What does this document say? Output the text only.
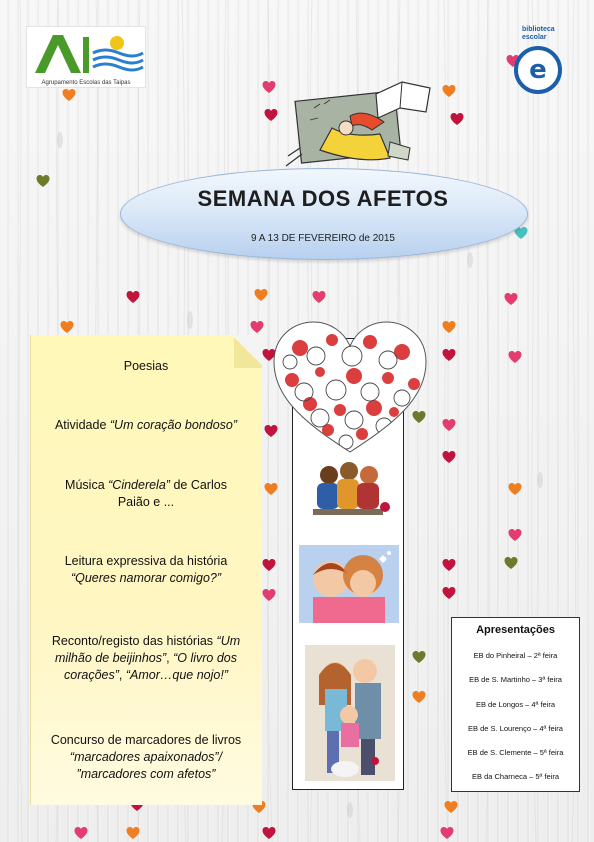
Agrupamento Escolas das Taipas
biblioteca
escolar
e
SEMANA DOS AFETOS
9 A 13 DE FEVEREIRO de 2015
Poesias
Atividade “Um coração bondoso”
Música “Cinderela” de Carlos
Paião e ...
Leitura expressiva da história
“Queres namorar comigo?”
Reconto/registo das histórias “Um
milhão de beijinhos”, “O livro dos
corações”, “Amor…que nojo!”
Concurso de marcadores de livros
“marcadores apaixonados”/
”marcadores com afetos”
Apresentações
EB do Pinheiral – 2ª feira
EB de S. Martinho – 3ª feira
EB de Longos – 4ª feira
EB de S. Lourenço – 4ª feira
EB de S. Clemente – 5ª feira
EB da Charneca – 5ª feira
